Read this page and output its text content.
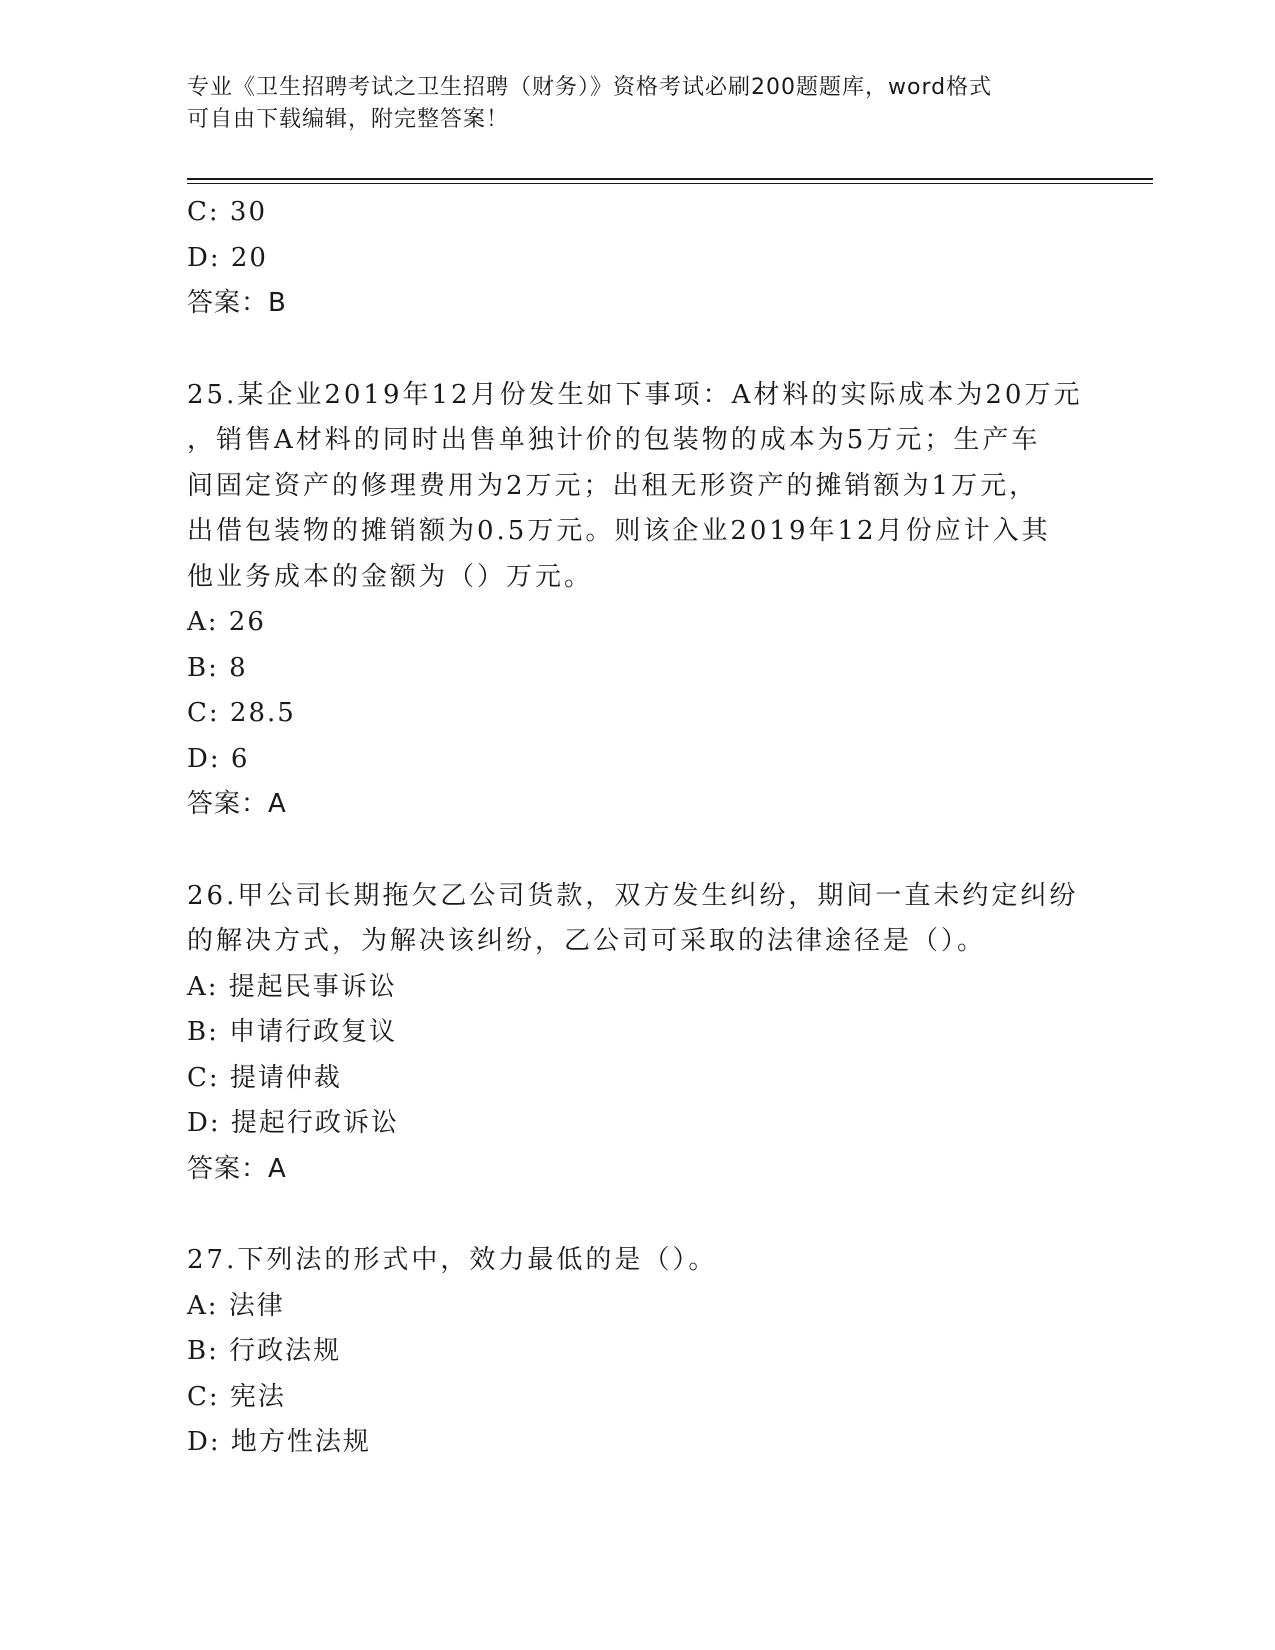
专业《卫生招聘考试之卫生招聘（财务）》资格考试必刷200题题库，word格式
可自由下载编辑，附完整答案！
C: 30
D: 20
答案：B
25.某企业2019年12月份发生如下事项：A材料的实际成本为20万元
，销售A材料的同时出售单独计价的包装物的成本为5万元；生产车
间固定资产的修理费用为2万元；出租无形资产的摊销额为1万元，
出借包装物的摊销额为0.5万元。则该企业2019年12月份应计入其
他业务成本的金额为（）万元。
A: 26
B: 8
C: 28.5
D: 6
答案：A
26.甲公司长期拖欠乙公司货款，双方发生纠纷，期间一直未约定纠纷
的解决方式，为解决该纠纷，乙公司可采取的法律途径是（）。
A: 提起民事诉讼
B: 申请行政复议
C: 提请仲裁
D: 提起行政诉讼
答案：A
27.下列法的形式中，效力最低的是（）。
A: 法律
B: 行政法规
C: 宪法
D: 地方性法规
